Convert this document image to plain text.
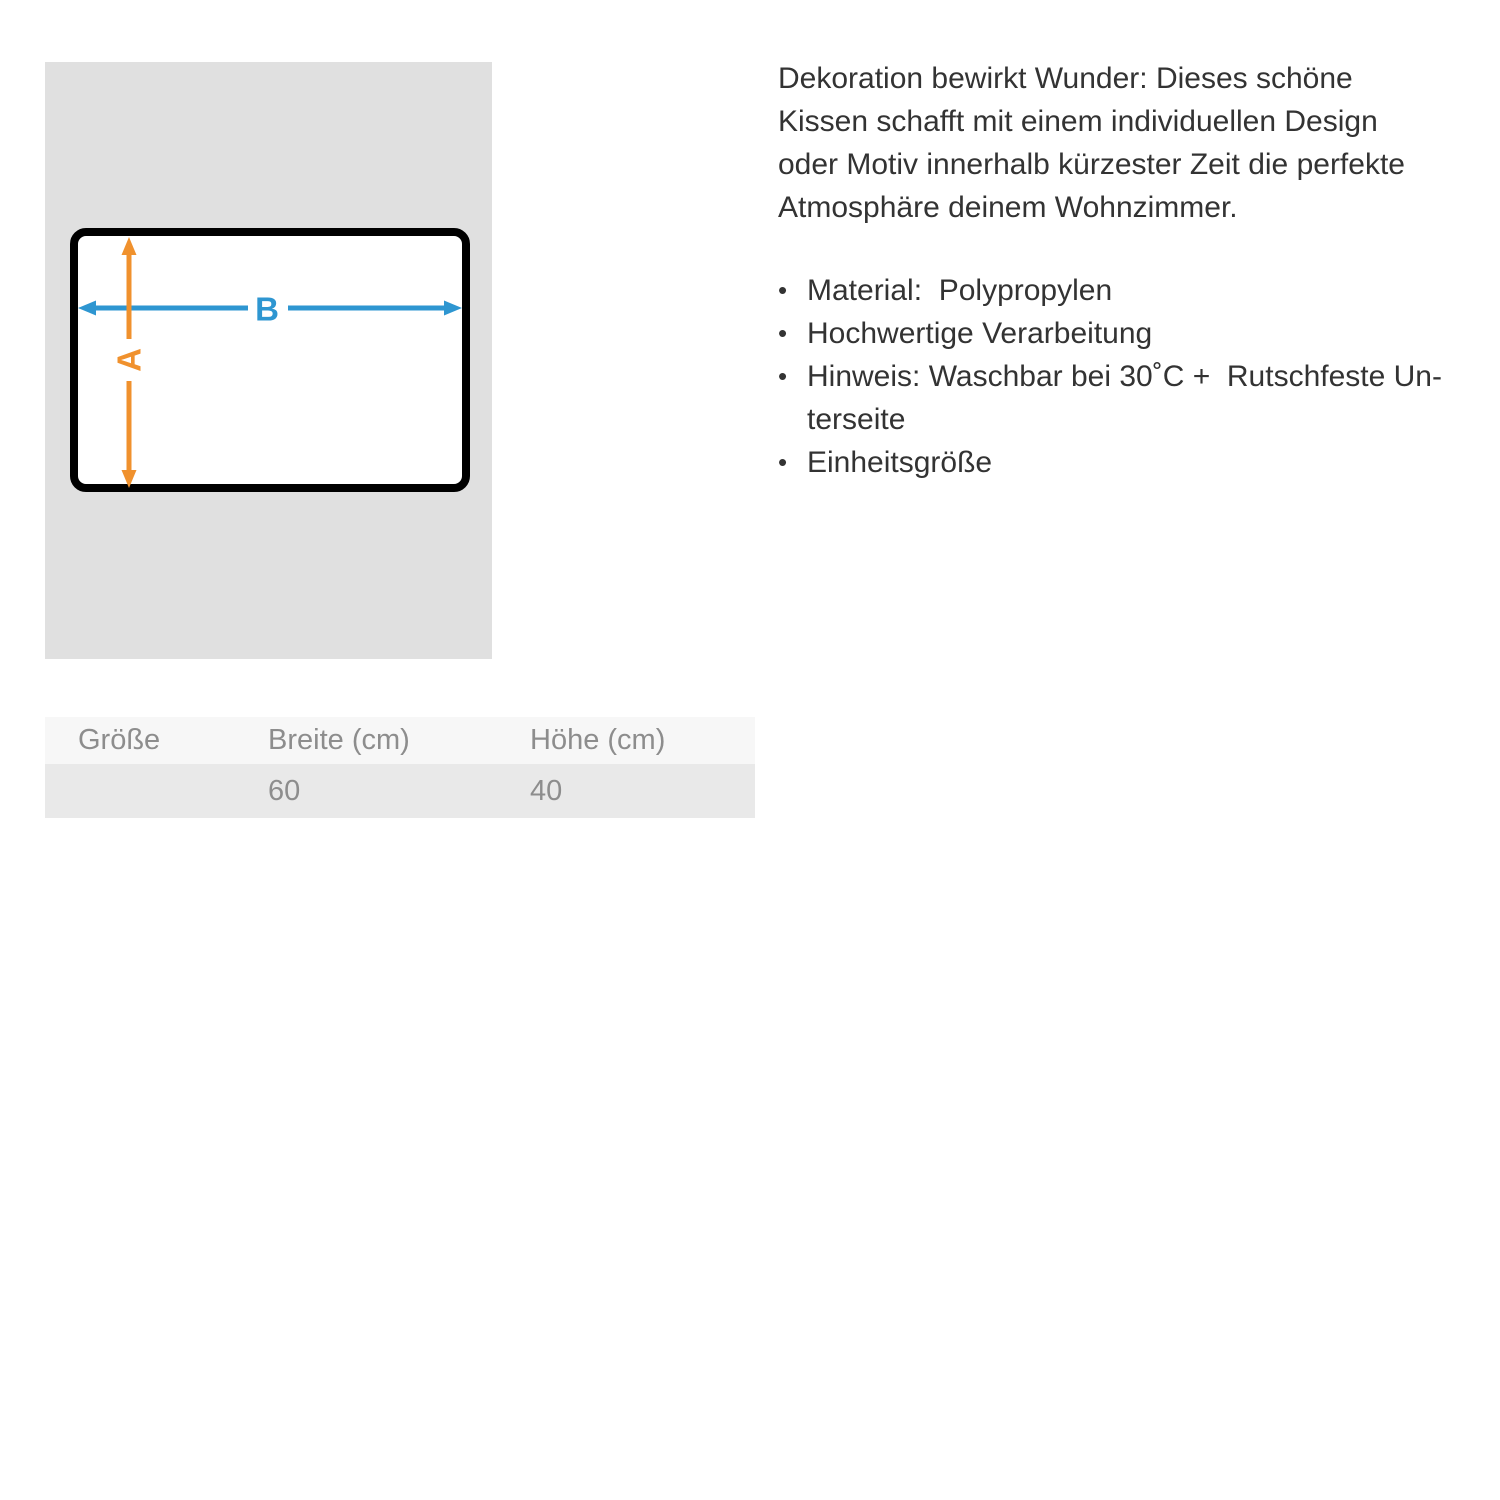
A
B
Dekoration bewirkt Wunder: Dieses schöne
Kissen schafft mit einem individuellen Design
oder Motiv innerhalb kürzester Zeit die perfekte
Atmosphäre deinem Wohnzimmer.
• Material:  Polypropylen
• Hochwertige Verarbeitung
• Hinweis: Waschbar bei 30˚C +  Rutschfeste Un-
terseite
• Einheitsgröße
Größe	Breite (cm)	Höhe (cm)
	60	40
